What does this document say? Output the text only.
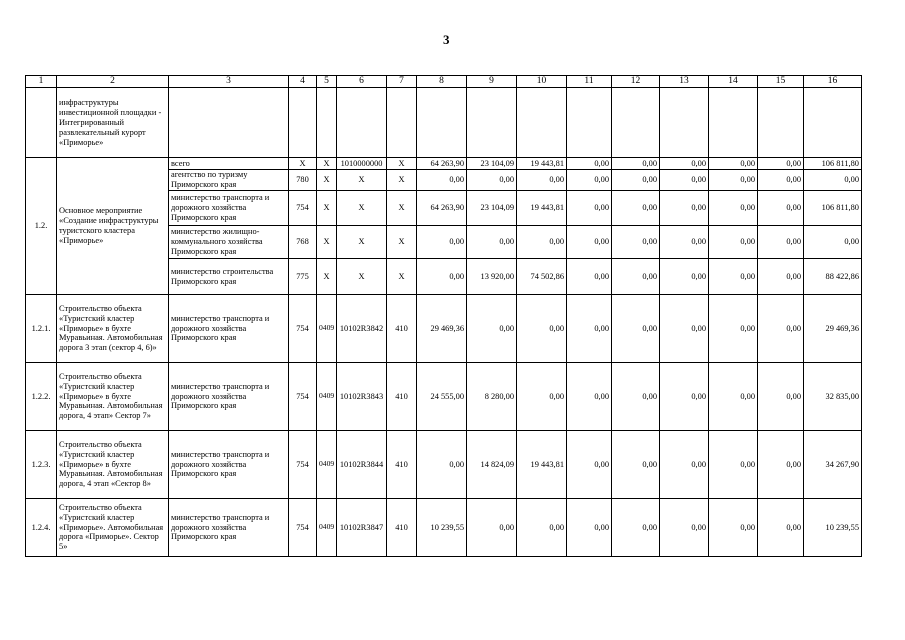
3
1	2	3	4	5	6	7	8	9	10	11	12	13	14	15	16
	инфраструктуры инвестиционной площадки - Интегрированный развлекательный курорт «Приморье»														
1.2.	Основное мероприятие «Создание инфраструктуры туристского кластера «Приморье»	всего	X	X	1010000000	X	64 263,90	23 104,09	19 443,81	0,00	0,00	0,00	0,00	0,00	106 811,80
		агентство по туризму Приморского края	780	X	X	X	0,00	0,00	0,00	0,00	0,00	0,00	0,00	0,00	0,00
		министерство транспорта и дорожного хозяйства Приморского края	754	X	X	X	64 263,90	23 104,09	19 443,81	0,00	0,00	0,00	0,00	0,00	106 811,80
		министерство жилищно-коммунального хозяйства Приморского края	768	X	X	X	0,00	0,00	0,00	0,00	0,00	0,00	0,00	0,00	0,00
		министерство строительства Приморского края	775	X	X	X	0,00	13 920,00	74 502,86	0,00	0,00	0,00	0,00	0,00	88 422,86
1.2.1.	Строительство объекта «Туристский кластер «Приморье» в бухте Муравьиная. Автомобильная дорога 3 этап (сектор 4, 6)»	министерство транспорта и дорожного хозяйства Приморского края	754	0409	10102R3842	410	29 469,36	0,00	0,00	0,00	0,00	0,00	0,00	0,00	29 469,36
1.2.2.	Строительство объекта «Туристский кластер «Приморье» в бухте Муравьиная. Автомобильная дорога, 4 этап» Сектор 7»	министерство транспорта и дорожного хозяйства Приморского края	754	0409	10102R3843	410	24 555,00	8 280,00	0,00	0,00	0,00	0,00	0,00	0,00	32 835,00
1.2.3.	Строительство объекта «Туристский кластер «Приморье» в бухте Муравьиная. Автомобильная дорога, 4 этап «Сектор 8»	министерство транспорта и дорожного хозяйства Приморского края	754	0409	10102R3844	410	0,00	14 824,09	19 443,81	0,00	0,00	0,00	0,00	0,00	34 267,90
1.2.4.	Строительство объекта «Туристский кластер «Приморье». Автомобильная дорога «Приморье». Сектор 5»	министерство транспорта и дорожного хозяйства Приморского края	754	0409	10102R3847	410	10 239,55	0,00	0,00	0,00	0,00	0,00	0,00	0,00	10 239,55
